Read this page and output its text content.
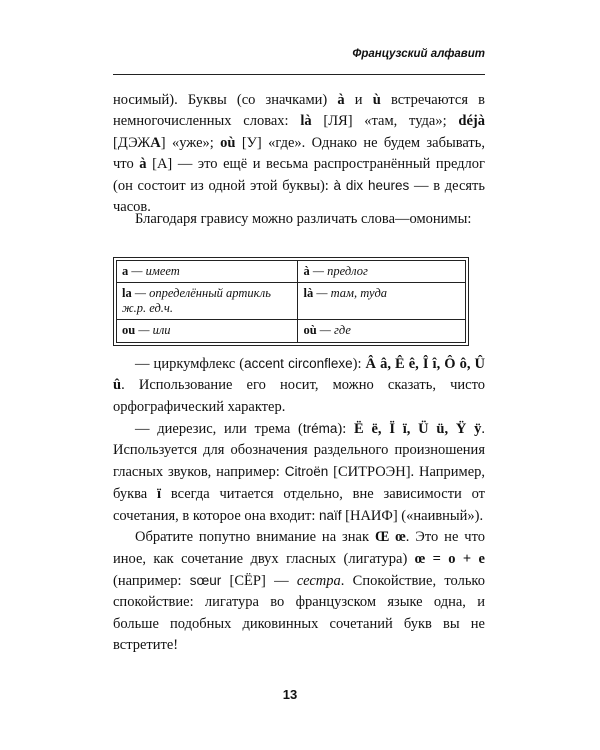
Французский алфавит

носимый). Буквы (со значками) à и ù встречаются в немногочисленных словах: là [ЛЯ] «там, туда»; déjà [ДЭЖА] «уже»; où [У] «где». Однако не будем забывать, что à [А] — это ещё и весьма распространённый предлог (он состоит из одной этой буквы): à dix heures — в десять часов.

Благодаря гравису можно различать слова—омонимы:

a — имеет	à — предлог
la — определённый артикль ж.р. ед.ч.	là — там, туда
ou — или	où — где

— циркумфлекс (accent circonflexe): Â â, Ê ê, Î î, Ô ô, Û û. Использование его носит, можно сказать, чисто орфографический характер.

— диерезис, или трема (tréma): Ë ë, Ï ï, Ü ü, Ÿ ÿ. Используется для обозначения раздельного произношения гласных звуков, например: Citroën [СИТРОЭН]. Например, буква ï всегда читается отдельно, вне зависимости от сочетания, в которое она входит: naïf [НАИФ] («наивный»).

Обратите попутно внимание на знак Œ œ. Это не что иное, как сочетание двух гласных (лигатура) œ = o + e (например: sœur [СЁР] — сестра. Спокойствие, только спокойствие: лигатура во французском языке одна, и больше подобных диковинных сочетаний букв вы не встретите!

13
